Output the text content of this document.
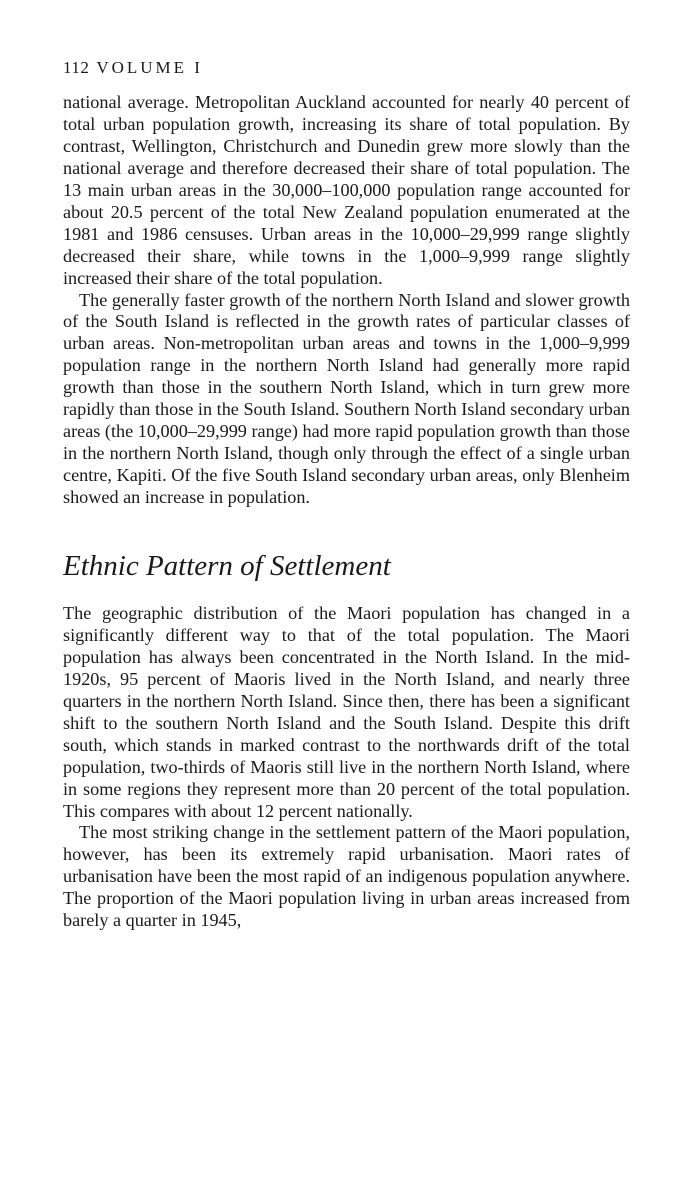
112 VOLUME I

national average. Metropolitan Auckland accounted for nearly 40 percent of total urban population growth, increasing its share of total population. By contrast, Wellington, Christchurch and Dunedin grew more slowly than the national average and therefore decreased their share of total population. The 13 main urban areas in the 30,000–100,000 population range accounted for about 20.5 percent of the total New Zealand population enumerated at the 1981 and 1986 censuses. Urban areas in the 10,000–29,999 range slightly decreased their share, while towns in the 1,000–9,999 range slightly increased their share of the total population.

The generally faster growth of the northern North Island and slower growth of the South Island is reflected in the growth rates of particular classes of urban areas. Non-metropolitan urban areas and towns in the 1,000–9,999 population range in the northern North Island had generally more rapid growth than those in the southern North Island, which in turn grew more rapidly than those in the South Island. Southern North Island secondary urban areas (the 10,000–29,999 range) had more rapid population growth than those in the northern North Island, though only through the effect of a single urban centre, Kapiti. Of the five South Island secondary urban areas, only Blenheim showed an increase in population.

Ethnic Pattern of Settlement

The geographic distribution of the Maori population has changed in a significantly different way to that of the total population. The Maori population has always been concentrated in the North Island. In the mid-1920s, 95 percent of Maoris lived in the North Island, and nearly three quarters in the northern North Island. Since then, there has been a significant shift to the southern North Island and the South Island. Despite this drift south, which stands in marked contrast to the northwards drift of the total population, two-thirds of Maoris still live in the northern North Island, where in some regions they represent more than 20 percent of the total population. This compares with about 12 percent nationally.

The most striking change in the settlement pattern of the Maori population, however, has been its extremely rapid urbanisation. Maori rates of urbanisation have been the most rapid of an indigenous population anywhere. The proportion of the Maori population living in urban areas increased from barely a quarter in 1945,
